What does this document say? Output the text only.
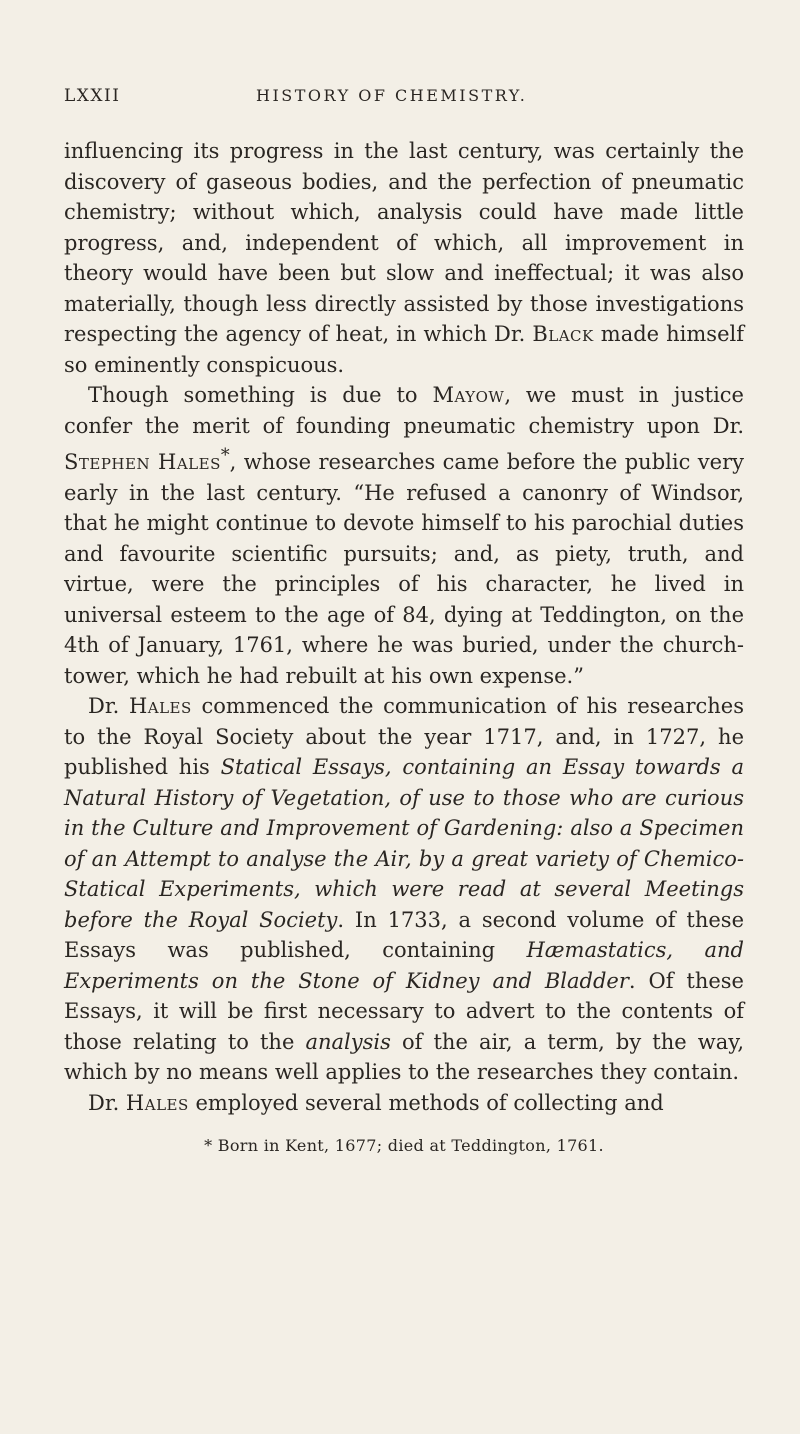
LXXII	HISTORY OF CHEMISTRY.

influencing its progress in the last century, was certainly the discovery of gaseous bodies, and the perfection of pneumatic chemistry; without which, analysis could have made little progress, and, independent of which, all improvement in theory would have been but slow and ineffectual; it was also materially, though less directly assisted by those investigations respecting the agency of heat, in which Dr. Black made himself so eminently conspicuous.

Though something is due to Mayow, we must in justice confer the merit of founding pneumatic chemistry upon Dr. Stephen Hales*, whose researches came before the public very early in the last century. “He refused a canonry of Windsor, that he might continue to devote himself to his parochial duties and favourite scientific pursuits; and, as piety, truth, and virtue, were the principles of his character, he lived in universal esteem to the age of 84, dying at Teddington, on the 4th of January, 1761, where he was buried, under the church-tower, which he had rebuilt at his own expense.”

Dr. Hales commenced the communication of his researches to the Royal Society about the year 1717, and, in 1727, he published his Statical Essays, containing an Essay towards a Natural History of Vegetation, of use to those who are curious in the Culture and Improvement of Gardening: also a Specimen of an Attempt to analyse the Air, by a great variety of Chemico-Statical Experiments, which were read at several Meetings before the Royal Society. In 1733, a second volume of these Essays was published, containing Hæmastatics, and Experiments on the Stone of Kidney and Bladder. Of these Essays, it will be first necessary to advert to the contents of those relating to the analysis of the air, a term, by the way, which by no means well applies to the researches they contain.

Dr. Hales employed several methods of collecting and

* Born in Kent, 1677; died at Teddington, 1761.
